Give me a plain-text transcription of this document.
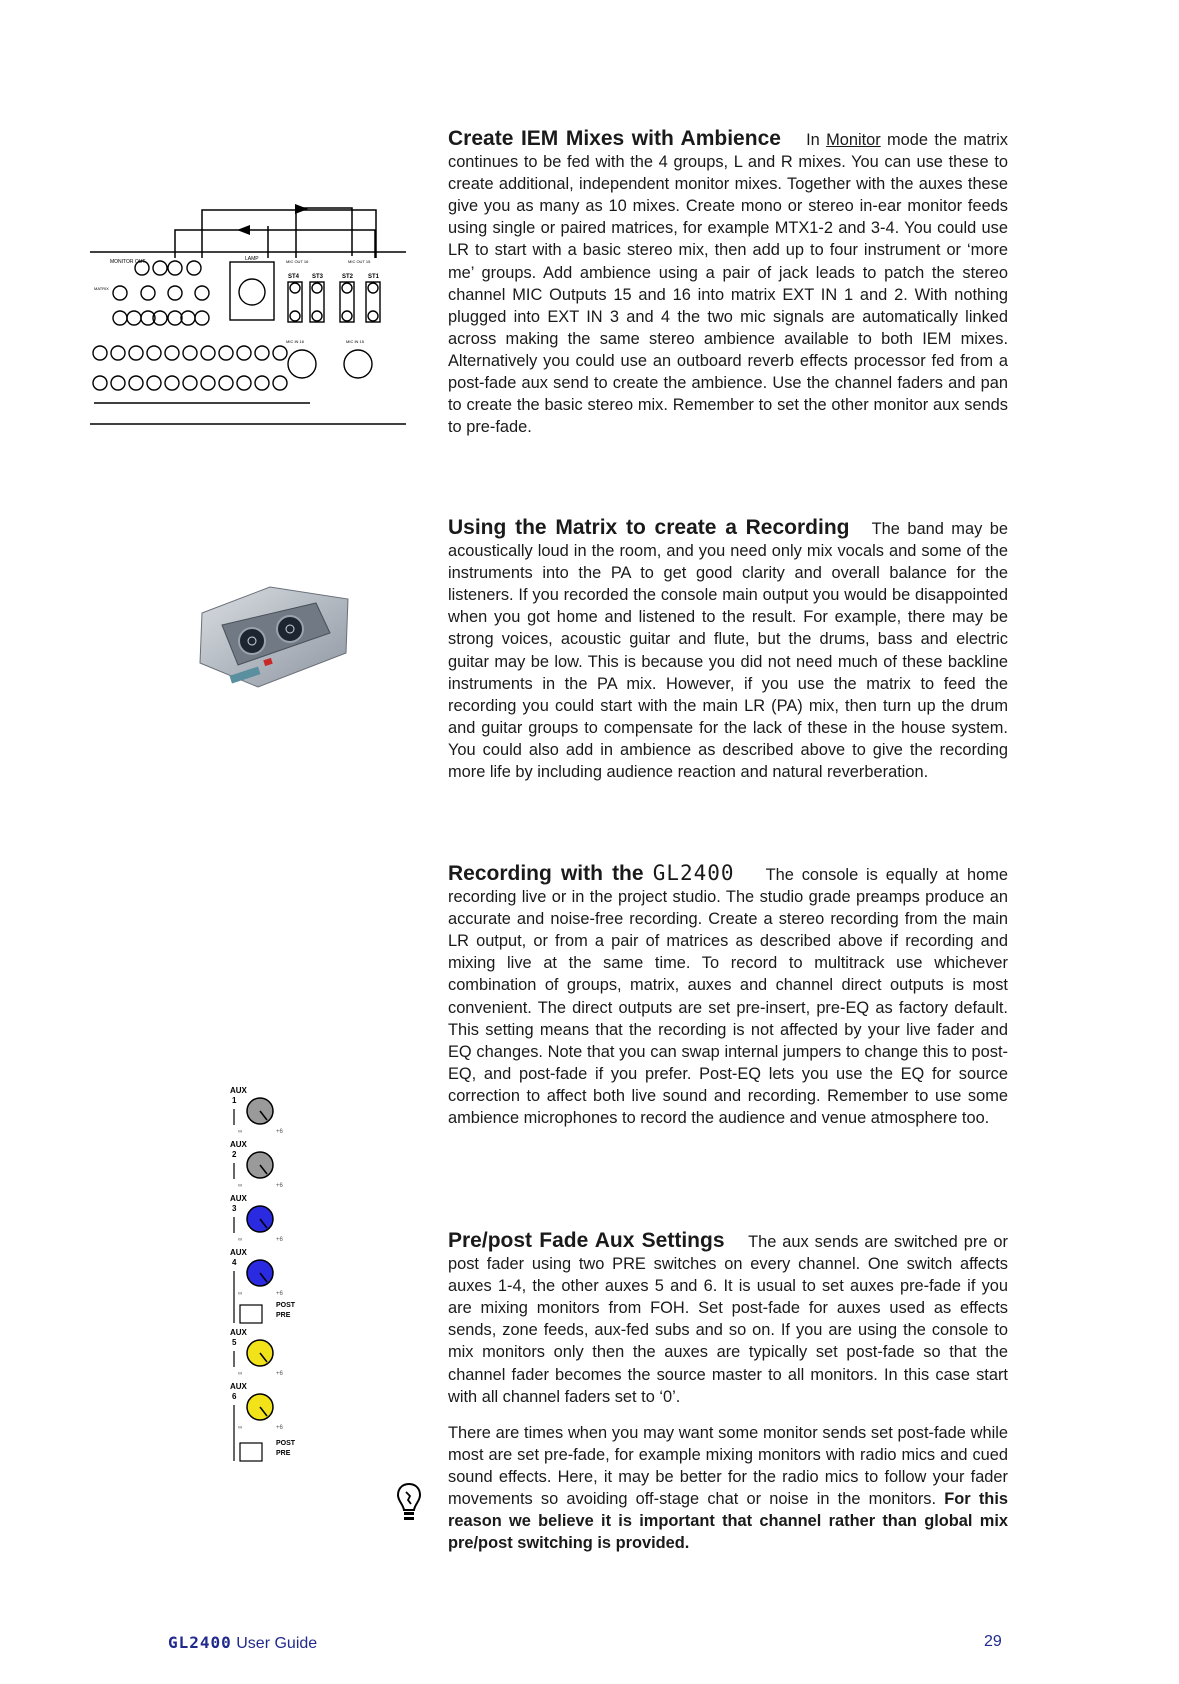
Create IEM Mixes with Ambience In Monitor mode the matrix continues to be fed with the 4 groups, L and R mixes. You can use these to create additional, independent monitor mixes. Together with the auxes these give you as many as 10 mixes. Create mono or stereo in-ear monitor feeds using single or paired matrices, for example MTX1-2 and 3-4. You could use LR to start with a basic stereo mix, then add up to four instrument or ‘more me’ groups. Add ambience using a pair of jack leads to patch the stereo channel MIC Outputs 15 and 16 into matrix EXT IN 1 and 2. With nothing plugged into EXT IN 3 and 4 the two mic signals are automatically linked across making the same stereo ambience available to both IEM mixes. Alternatively you could use an outboard reverb effects processor fed from a post-fade aux send to create the ambience. Use the channel faders and pan to create the basic stereo mix. Remember to set the other monitor aux sends to pre-fade.

Using the Matrix to create a Recording The band may be acoustically loud in the room, and you need only mix vocals and some of the instruments into the PA to get good clarity and overall balance for the listeners. If you recorded the console main output you would be disappointed when you got home and listened to the result. For example, there may be strong voices, acoustic guitar and flute, but the drums, bass and electric guitar may be low. This is because you did not need much of these backline instruments in the PA mix. However, if you use the matrix to feed the recording you could start with the main LR (PA) mix, then turn up the drum and guitar groups to compensate for the lack of these in the house system. You could also add in ambience as described above to give the recording more life by including audience reaction and natural reverberation.

Recording with the GL2400 The console is equally at home recording live or in the project studio. The studio grade preamps produce an accurate and noise-free recording. Create a stereo recording from the main LR output, or from a pair of matrices as described above if recording and mixing live at the same time. To record to multitrack use whichever combination of groups, matrix, auxes and channel direct outputs is most convenient. The direct outputs are set pre-insert, pre-EQ as factory default. This setting means that the recording is not affected by your live fader and EQ changes. Note that you can swap internal jumpers to change this to post-EQ, and post-fade if you prefer. Post-EQ lets you use the EQ for source correction to affect both live sound and recording. Remember to use some ambience microphones to record the audience and venue atmosphere too.

Pre/post Fade Aux Settings The aux sends are switched pre or post fader using two PRE switches on every channel. One switch affects auxes 1-4, the other auxes 5 and 6. It is usual to set auxes pre-fade if you are mixing monitors from FOH. Set post-fade for auxes used as effects sends, zone feeds, aux-fed subs and so on. If you are using the console to mix monitors only then the auxes are typically set post-fade so that the channel fader becomes the source master to all monitors. In this case start with all channel faders set to ‘0’.

There are times when you may want some monitor sends set post-fade while most are set pre-fade, for example mixing monitors with radio mics and cued sound effects. Here, it may be better for the radio mics to follow your fader movements so avoiding off-stage chat or noise in the monitors. For this reason we believe it is important that channel rather than global mix pre/post switching is provided.

MONITOR OUT	LAMP
MATRIX
MIC OUT 16	MIC OUT 15
ST4 ST3	ST2 ST1
MIC IN 16	MIC IN 15
AUX
1
AUX
2
AUX
3
AUX
4
AUX
5
AUX
6
POST
PRE
POST
PRE
∞	+6
∞	+6
∞	+6
∞	+6
∞	+6
∞	+6
GL2400 User Guide	29
